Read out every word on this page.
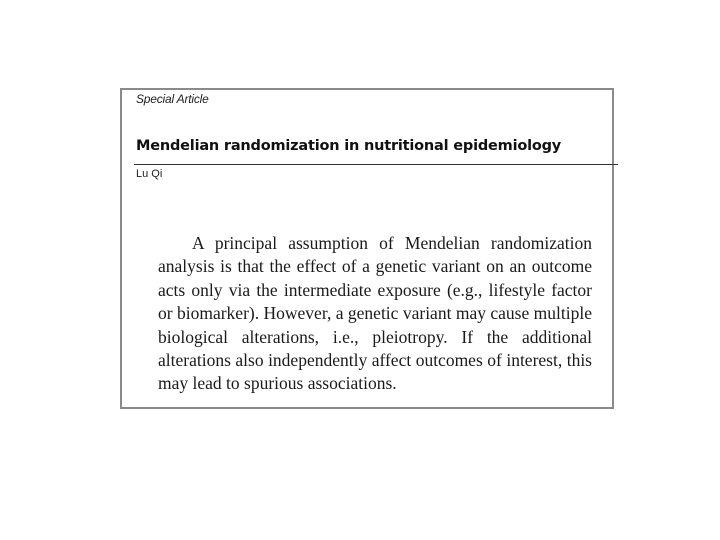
Special Article
Mendelian randomization in nutritional epidemiology
Lu Qi
A principal assumption of Mendelian randomization analysis is that the effect of a genetic variant on an outcome acts only via the intermediate exposure (e.g., lifestyle factor or biomarker). However, a genetic variant may cause multiple biological alterations, i.e., pleiotropy. If the additional alterations also independently affect outcomes of interest, this may lead to spurious associations.
